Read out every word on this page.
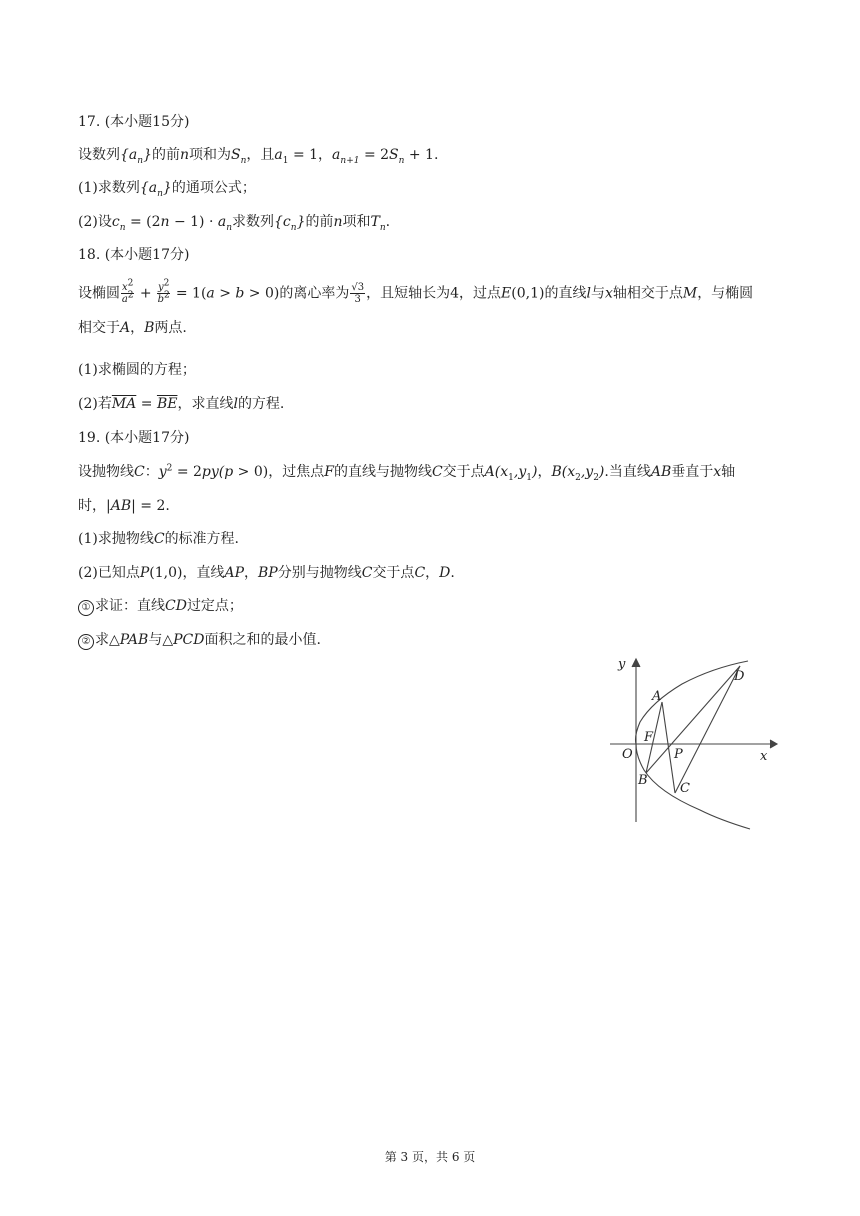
17. (本小题15分)
设数列$\{a_n\}$的前n项和为$S_n$，且$a_1 = 1$，$a_{n+1} = 2S_n + 1$.
(1)求数列$\{a_n\}$的通项公式；
(2)设$c_n = (2n - 1) \cdot a_n$求数列$\{c_n\}$的前n项和$T_n$.
18. (本小题17分)
设椭圆 $\frac{x^2}{a^2} + \frac{y^2}{b^2} = 1(a > b > 0)$的离心率为 $\frac{√3}{3}$ ，且短轴长为4，过点E(0,1)的直线l与x轴相交于点M，与椭圆
相交于A，B两点.
(1)求椭圆的方程；
(2)若$\overline{MA} = \overline{BE}$，求直线l的方程.
19. (本小题17分)
设抛物线C：$y^2 = 2py(p > 0)$，过焦点F的直线与抛物线C交于点$A(x_1,y_1)$，$B(x_2,y_2)$.当直线AB垂直于x轴
时，|AB| = 2.
(1)求抛物线C的标准方程.
(2)已知点P(1,0)，直线AP，BP分别与抛物线C交于点C，D.
① 求证：直线CD过定点；
② 求△PAB与△PCD面积之和的最小值.
y
x
O
A
B
C
D
F
P
第 3 页，共 6 页
